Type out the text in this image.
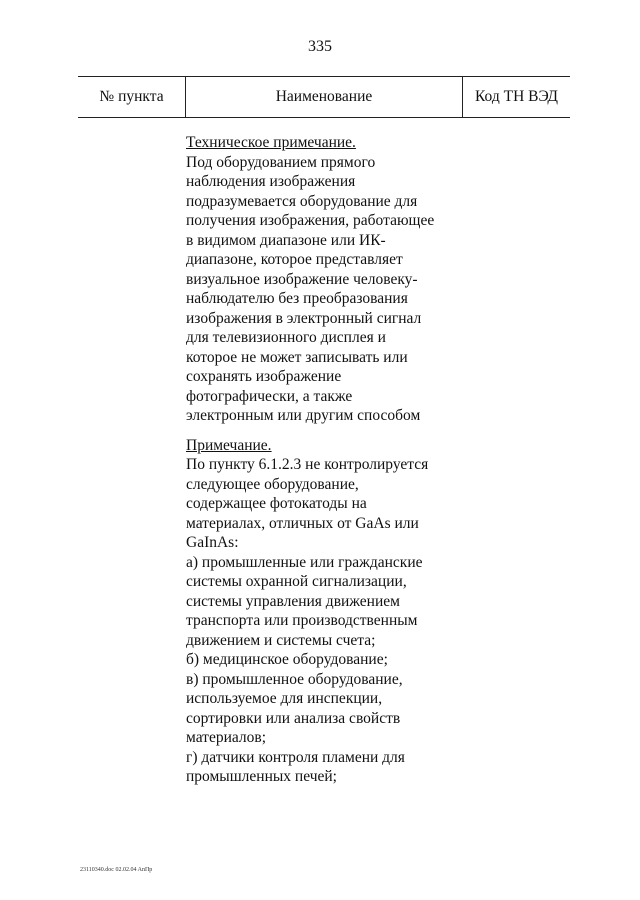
335
№ пункта	Наименование	Код ТН ВЭД
Техническое примечание.
Под оборудованием прямого
наблюдения изображения
подразумевается оборудование для
получения изображения, работающее
в видимом диапазоне или ИК-
диапазоне, которое представляет
визуальное изображение человеку-
наблюдателю без преобразования
изображения в электронный сигнал
для телевизионного дисплея и
которое не может записывать или
сохранять изображение
фотографически, а также
электронным или другим способом
Примечание.
По пункту 6.1.2.3 не контролируется
следующее оборудование,
содержащее фотокатоды на
материалах, отличных от GaAs или
GaInAs:
а) промышленные или гражданские
системы охранной сигнализации,
системы управления движением
транспорта или производственным
движением и системы счета;
б) медицинское оборудование;
в) промышленное оборудование,
используемое для инспекции,
сортировки или анализа свойств
материалов;
г) датчики контроля пламени для
промышленных печей;
23110340.doc 02.02.04 AnПр
